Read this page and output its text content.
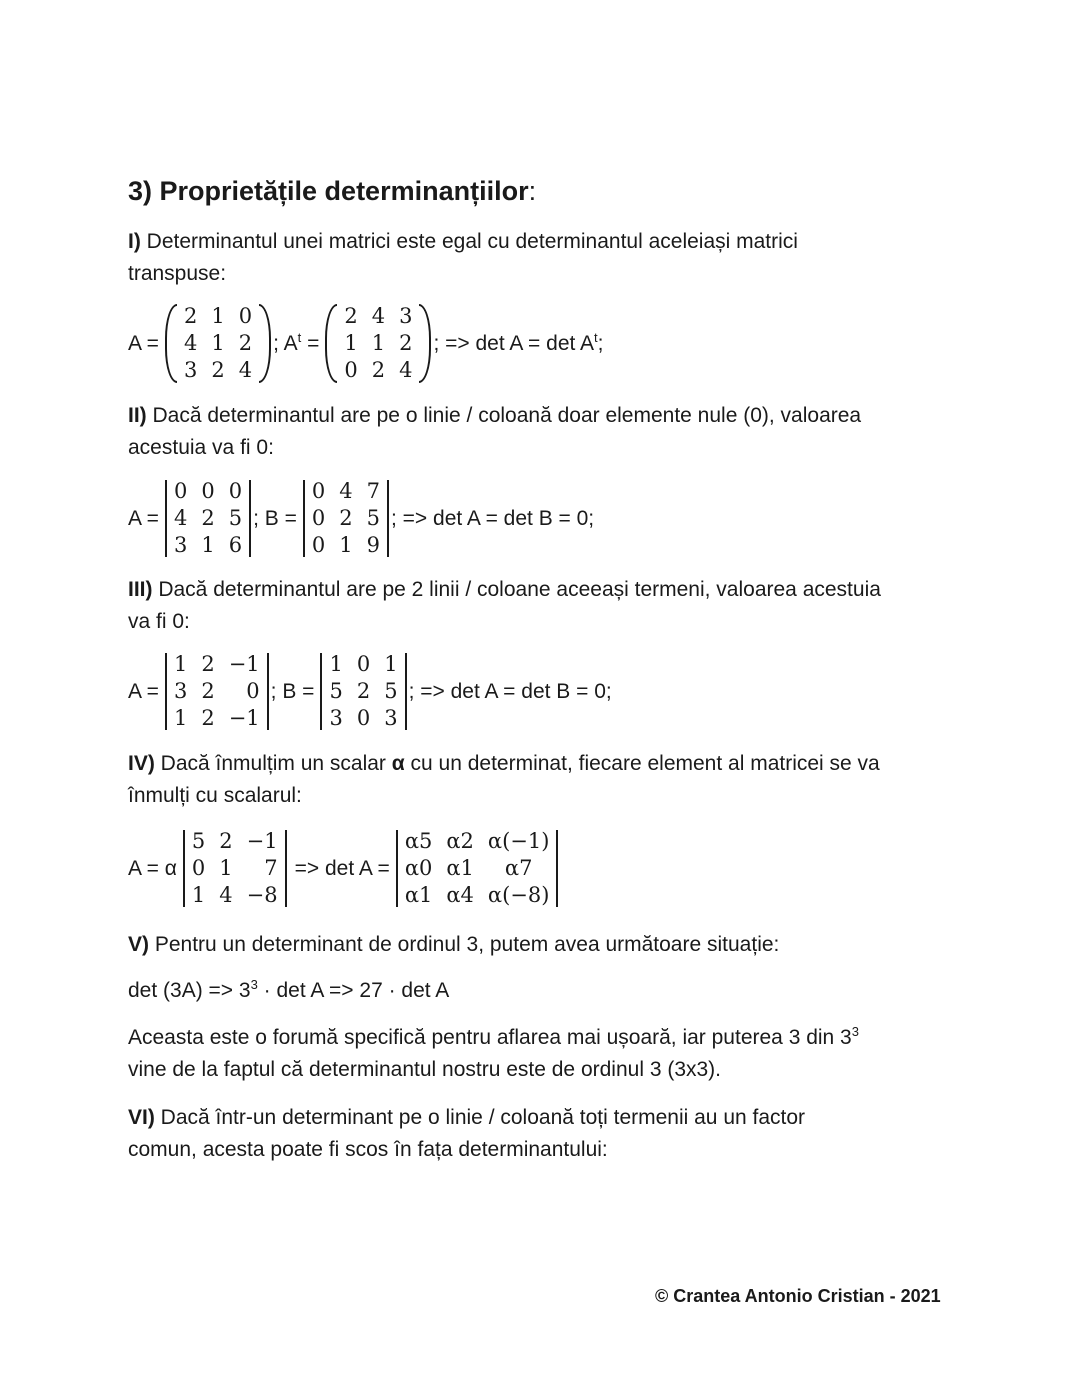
3) Proprietățile determinanțiilor:
I) Determinantul unei matrici este egal cu determinantul aceleiași matrici
transpuse:
A =
2	1	0
4	1	2
3	2	4
; $A^t$ =
2	4	3
1	1	2
0	2	4
; => $\det A = \det A^t$;
II) Dacă determinantul are pe o linie / coloană doar elemente nule (0), valoarea
acestuia va fi 0:
A =
0	0	0
4	2	5
3	1	6
; B =
0	4	7
0	2	5
0	1	9
; => det A = det B = 0;
III) Dacă determinantul are pe 2 linii / coloane aceeași termeni, valoarea acestuia
va fi 0:
A =
1	2	−1
3	2	0
1	2	−1
; B =
1	0	1
5	2	5
3	0	3
; => det A = det B = 0;
IV) Dacă înmulțim un scalar α cu un determinat, fiecare element al matricei se va
înmulți cu scalarul:
A = α
5	2	−1
0	1	7
1	4	−8
=> det A =
α5	α2	α(−1)
α0	α1	α7
α1	α4	α(−8)
V) Pentru un determinant de ordinul 3, putem avea următoare situație:
$\det (3A) => 3^3 \cdot \det A => 27 \cdot \det A$
Aceasta este o forumă specifică pentru aflarea mai ușoară, iar puterea 3 din $3^3$
vine de la faptul că determinantul nostru este de ordinul 3 (3x3).
VI) Dacă într-un determinant pe o linie / coloană toți termenii au un factor
comun, acesta poate fi scos în fața determinantului:
© Crantea Antonio Cristian - 2021
